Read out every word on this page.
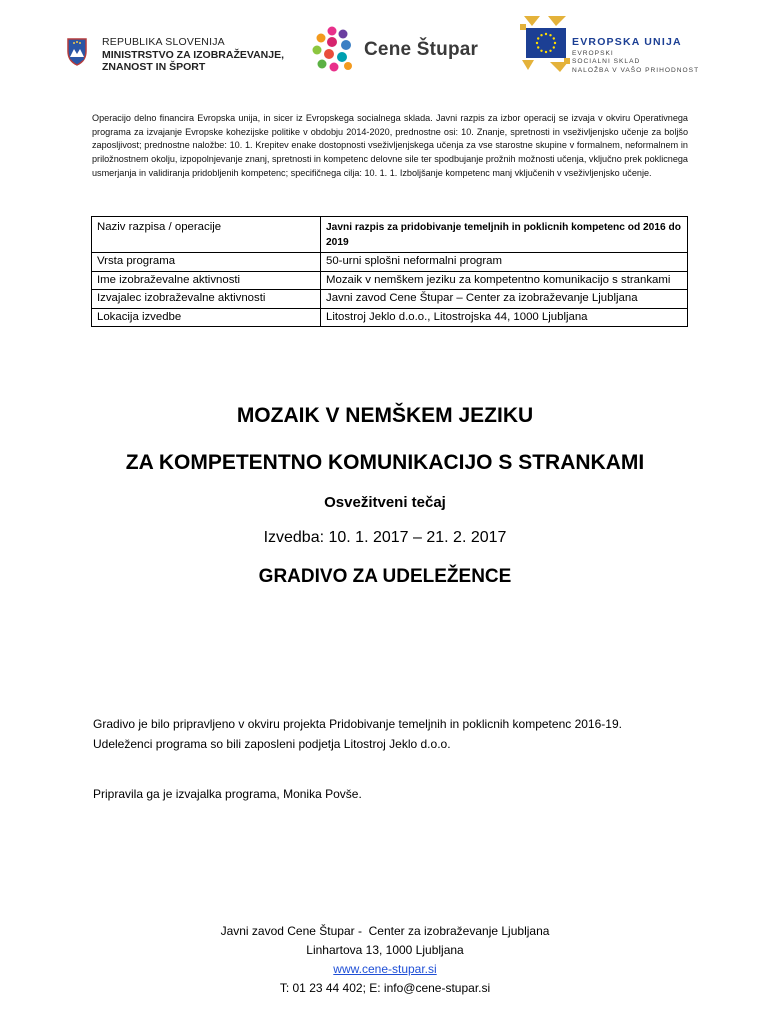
REPUBLIKA SLOVENIJA
MINISTRSTVO ZA IZOBRAŽEVANJE,
ZNANOST IN ŠPORT
Cene Štupar	EVROPSKA UNIJA
EVROPSKI
SOCIALNI SKLAD
NALOŽBA V VAŠO PRIHODNOST
Operacijo delno financira Evropska unija, in sicer iz Evropskega socialnega sklada. Javni razpis za izbor operacij se izvaja v okviru Operativnega programa za izvajanje Evropske kohezijske politike v obdobju 2014-2020, prednostne osi: 10. Znanje, spretnosti in vseživljenjsko učenje za boljšo zaposljivost; prednostne naložbe: 10. 1. Krepitev enake dostopnosti vseživljenjskega učenja za vse starostne skupine v formalnem, neformalnem in priložnostnem okolju, izpopolnjevanje znanj, spretnosti in kompetenc delovne sile ter spodbujanje prožnih možnosti učenja, vključno prek poklicnega usmerjanja in validiranja pridobljenih kompetenc; specifičnega cilja: 10. 1. 1. Izboljšanje kompetenc manj vključenih v vseživljenjsko učenje.
Naziv razpisa / operacije	Javni razpis za pridobivanje temeljnih in poklicnih kompetenc od 2016 do 2019
Vrsta programa	50-urni splošni neformalni program
Ime izobraževalne aktivnosti	Mozaik v nemškem jeziku za kompetentno komunikacijo s strankami
Izvajalec izobraževalne aktivnosti	Javni zavod Cene Štupar – Center za izobraževanje Ljubljana
Lokacija izvedbe	Litostroj Jeklo d.o.o., Litostrojska 44, 1000 Ljubljana
MOZAIK V NEMŠKEM JEZIKU
ZA KOMPETENTNO KOMUNIKACIJO S STRANKAMI
Osvežitveni tečaj
Izvedba: 10. 1. 2017 – 21. 2. 2017
GRADIVO ZA UDELEŽENCE
Gradivo je bilo pripravljeno v okviru projekta Pridobivanje temeljnih in poklicnih kompetenc 2016-19.
Udeleženci programa so bili zaposleni podjetja Litostroj Jeklo d.o.o.
Pripravila ga je izvajalka programa, Monika Povše.
Javni zavod Cene Štupar -  Center za izobraževanje Ljubljana
Linhartova 13, 1000 Ljubljana
www.cene-stupar.si
T: 01 23 44 402; E: info@cene-stupar.si
